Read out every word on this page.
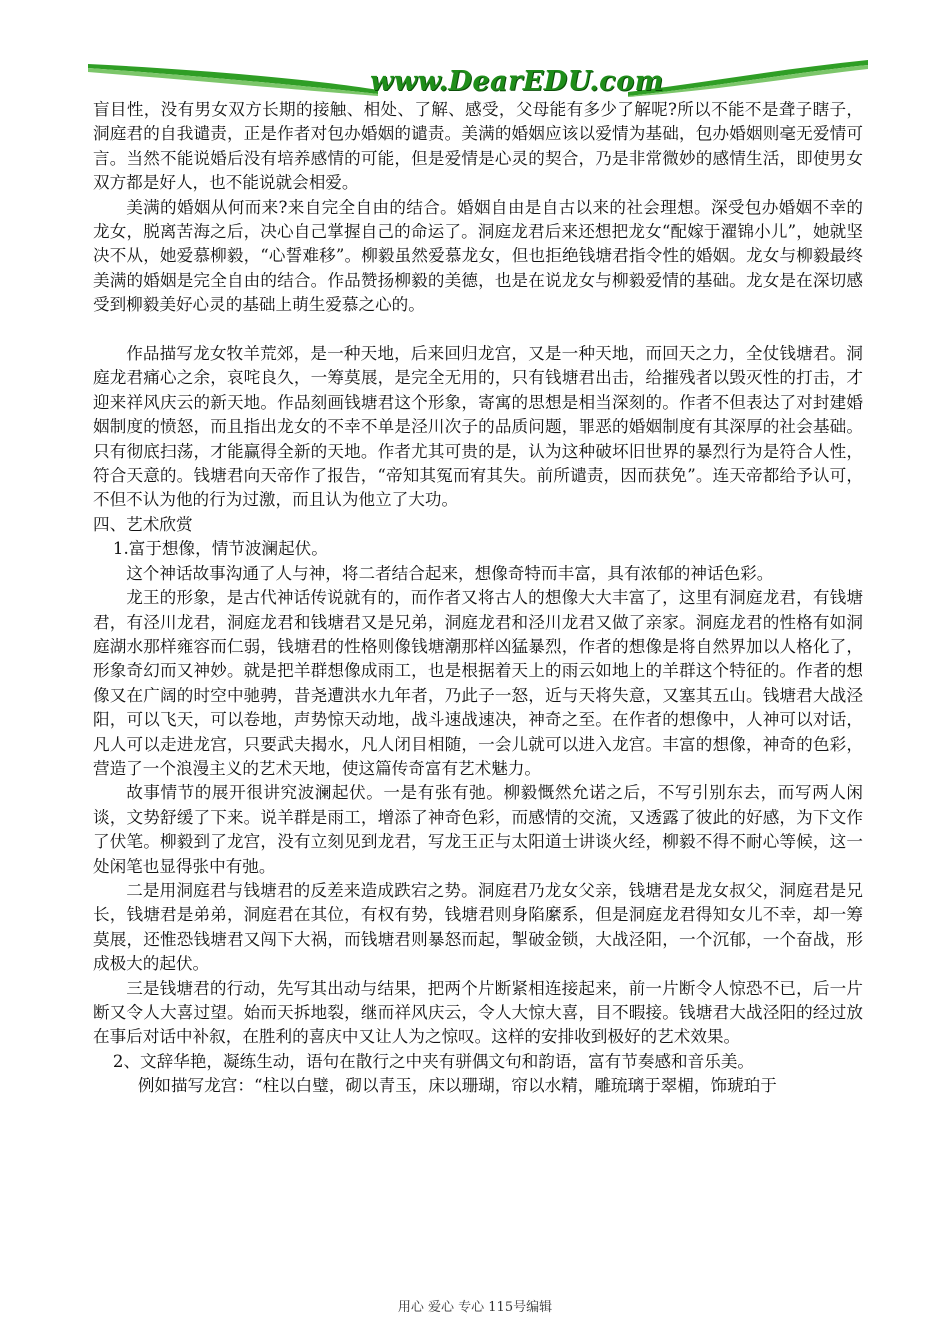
www.DearEDU.com

盲目性，没有男女双方长期的接触、相处、了解、感受，父母能有多少了解呢?所以不能不是聋子瞎子，洞庭君的自我谴责，正是作者对包办婚姻的谴责。美满的婚姻应该以爱情为基础，包办婚姻则毫无爱情可言。当然不能说婚后没有培养感情的可能，但是爱情是心灵的契合，乃是非常微妙的感情生活，即使男女双方都是好人，也不能说就会相爱。

美满的婚姻从何而来?来自完全自由的结合。婚姻自由是自古以来的社会理想。深受包办婚姻不幸的龙女，脱离苦海之后，决心自己掌握自己的命运了。洞庭龙君后来还想把龙女“配嫁于濯锦小儿”，她就坚决不从，她爱慕柳毅，“心誓难移”。柳毅虽然爱慕龙女，但也拒绝钱塘君指令性的婚姻。龙女与柳毅最终美满的婚姻是完全自由的结合。作品赞扬柳毅的美德，也是在说龙女与柳毅爱情的基础。龙女是在深切感受到柳毅美好心灵的基础上萌生爱慕之心的。

作品描写龙女牧羊荒郊，是一种天地，后来回归龙宫，又是一种天地，而回天之力，全仗钱塘君。洞庭龙君痛心之余，哀咤良久，一筹莫展，是完全无用的，只有钱塘君出击，给摧残者以毁灭性的打击，才迎来祥风庆云的新天地。作品刻画钱塘君这个形象，寄寓的思想是相当深刻的。作者不但表达了对封建婚姻制度的愤怒，而且指出龙女的不幸不单是泾川次子的品质问题，罪恶的婚姻制度有其深厚的社会基础。只有彻底扫荡，才能赢得全新的天地。作者尤其可贵的是，认为这种破坏旧世界的暴烈行为是符合人性，符合天意的。钱塘君向天帝作了报告，“帝知其冤而宥其失。前所谴责，因而获免”。连天帝都给予认可，不但不认为他的行为过激，而且认为他立了大功。

四、艺术欣赏

1.富于想像，情节波澜起伏。

这个神话故事沟通了人与神，将二者结合起来，想像奇特而丰富，具有浓郁的神话色彩。

龙王的形象，是古代神话传说就有的，而作者又将古人的想像大大丰富了，这里有洞庭龙君，有钱塘君，有泾川龙君，洞庭龙君和钱塘君又是兄弟，洞庭龙君和泾川龙君又做了亲家。洞庭龙君的性格有如洞庭湖水那样雍容而仁弱，钱塘君的性格则像钱塘潮那样凶猛暴烈，作者的想像是将自然界加以人格化了，形象奇幻而又神妙。就是把羊群想像成雨工，也是根据着天上的雨云如地上的羊群这个特征的。作者的想像又在广阔的时空中驰骋，昔尧遭洪水九年者，乃此子一怒，近与天将失意，又塞其五山。钱塘君大战泾阳，可以飞天，可以卷地，声势惊天动地，战斗速战速决，神奇之至。在作者的想像中，人神可以对话，凡人可以走进龙宫，只要武夫揭水，凡人闭目相随，一会儿就可以进入龙宫。丰富的想像，神奇的色彩，营造了一个浪漫主义的艺术天地，使这篇传奇富有艺术魅力。

故事情节的展开很讲究波澜起伏。一是有张有弛。柳毅慨然允诺之后，不写引别东去，而写两人闲谈，文势舒缓了下来。说羊群是雨工，增添了神奇色彩，而感情的交流，又透露了彼此的好感，为下文作了伏笔。柳毅到了龙宫，没有立刻见到龙君，写龙王正与太阳道士讲谈火经，柳毅不得不耐心等候，这一处闲笔也显得张中有弛。

二是用洞庭君与钱塘君的反差来造成跌宕之势。洞庭君乃龙女父亲，钱塘君是龙女叔父，洞庭君是兄长，钱塘君是弟弟，洞庭君在其位，有权有势，钱塘君则身陷縻系，但是洞庭龙君得知女儿不幸，却一筹莫展，还惟恐钱塘君又闯下大祸，而钱塘君则暴怒而起，掣破金锁，大战泾阳，一个沉郁，一个奋战，形成极大的起伏。

三是钱塘君的行动，先写其出动与结果，把两个片断紧相连接起来，前一片断令人惊恐不已，后一片断又令人大喜过望。始而天拆地裂，继而祥风庆云，令人大惊大喜，目不暇接。钱塘君大战泾阳的经过放在事后对话中补叙，在胜利的喜庆中又让人为之惊叹。这样的安排收到极好的艺术效果。

2、文辞华艳，凝练生动，语句在散行之中夹有骈偶文句和韵语，富有节奏感和音乐美。

例如描写龙宫：“柱以白璧，砌以青玉，床以珊瑚，帘以水精，雕琉璃于翠楣，饰琥珀于

用心 爱心 专心 115号编辑
